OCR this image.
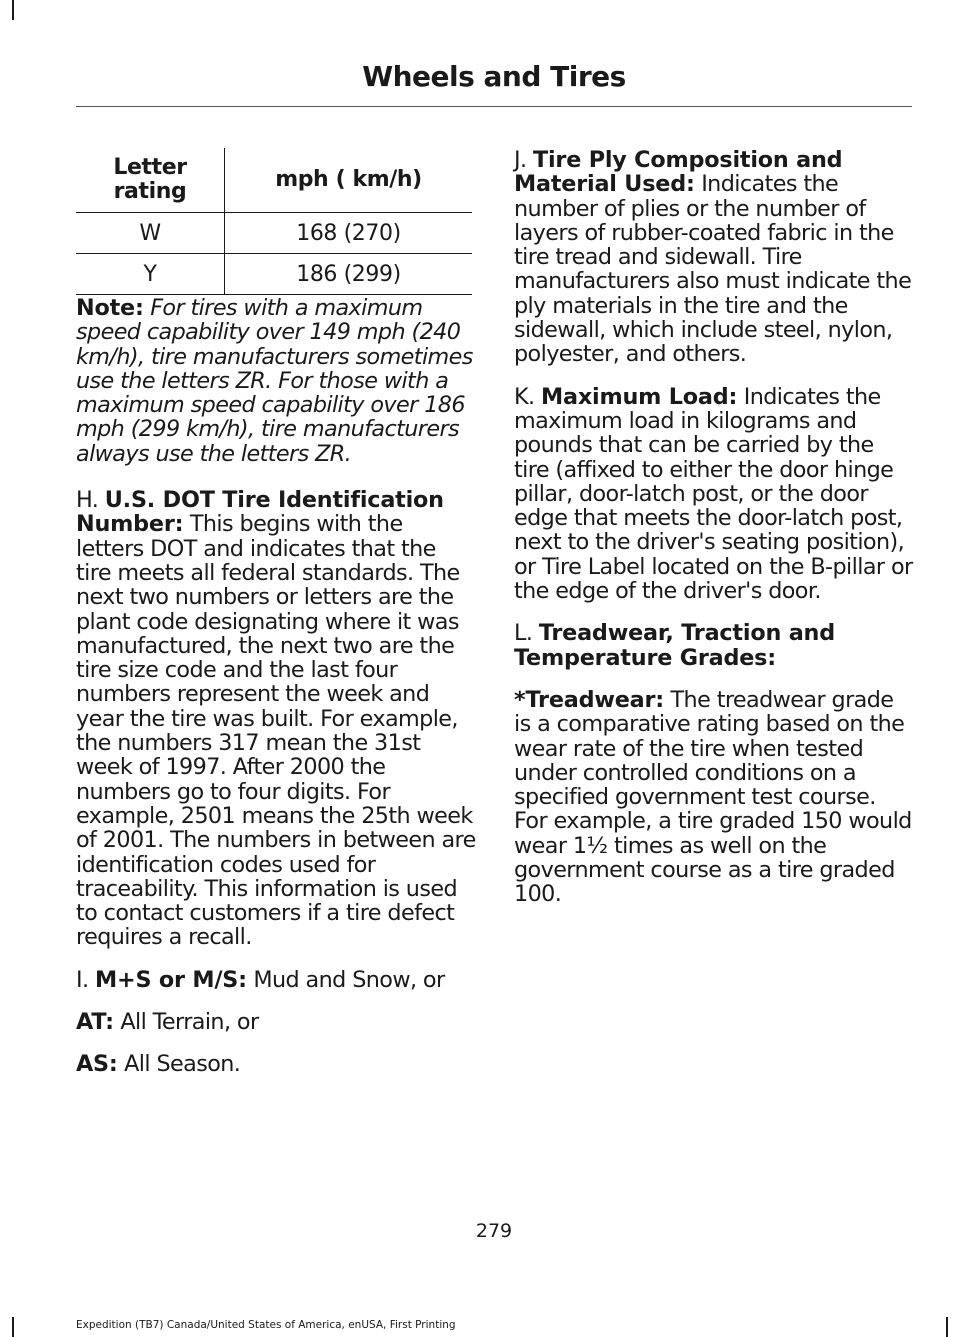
Wheels and Tires
Letter rating	mph ( km/h)
W	168 (270)
Y	186 (299)

Note: For tires with a maximum speed capability over 149 mph (240 km/h), tire manufacturers sometimes use the letters ZR. For those with a maximum speed capability over 186 mph (299 km/h), tire manufacturers always use the letters ZR.

H. U.S. DOT Tire Identification Number: This begins with the letters DOT and indicates that the tire meets all federal standards. The next two numbers or letters are the plant code designating where it was manufactured, the next two are the tire size code and the last four numbers represent the week and year the tire was built. For example, the numbers 317 mean the 31st week of 1997. After 2000 the numbers go to four digits. For example, 2501 means the 25th week of 2001. The numbers in between are identification codes used for traceability. This information is used to contact customers if a tire defect requires a recall.

I. M+S or M/S: Mud and Snow, or

AT: All Terrain, or

AS: All Season.

J. Tire Ply Composition and Material Used: Indicates the number of plies or the number of layers of rubber-coated fabric in the tire tread and sidewall. Tire manufacturers also must indicate the ply materials in the tire and the sidewall, which include steel, nylon, polyester, and others.

K. Maximum Load: Indicates the maximum load in kilograms and pounds that can be carried by the tire (affixed to either the door hinge pillar, door-latch post, or the door edge that meets the door-latch post, next to the driver's seating position), or Tire Label located on the B-pillar or the edge of the driver's door.

L. Treadwear, Traction and Temperature Grades:

*Treadwear: The treadwear grade is a comparative rating based on the wear rate of the tire when tested under controlled conditions on a specified government test course. For example, a tire graded 150 would wear 1½ times as well on the government course as a tire graded 100.

279
Expedition (TB7) Canada/United States of America, enUSA, First Printing
